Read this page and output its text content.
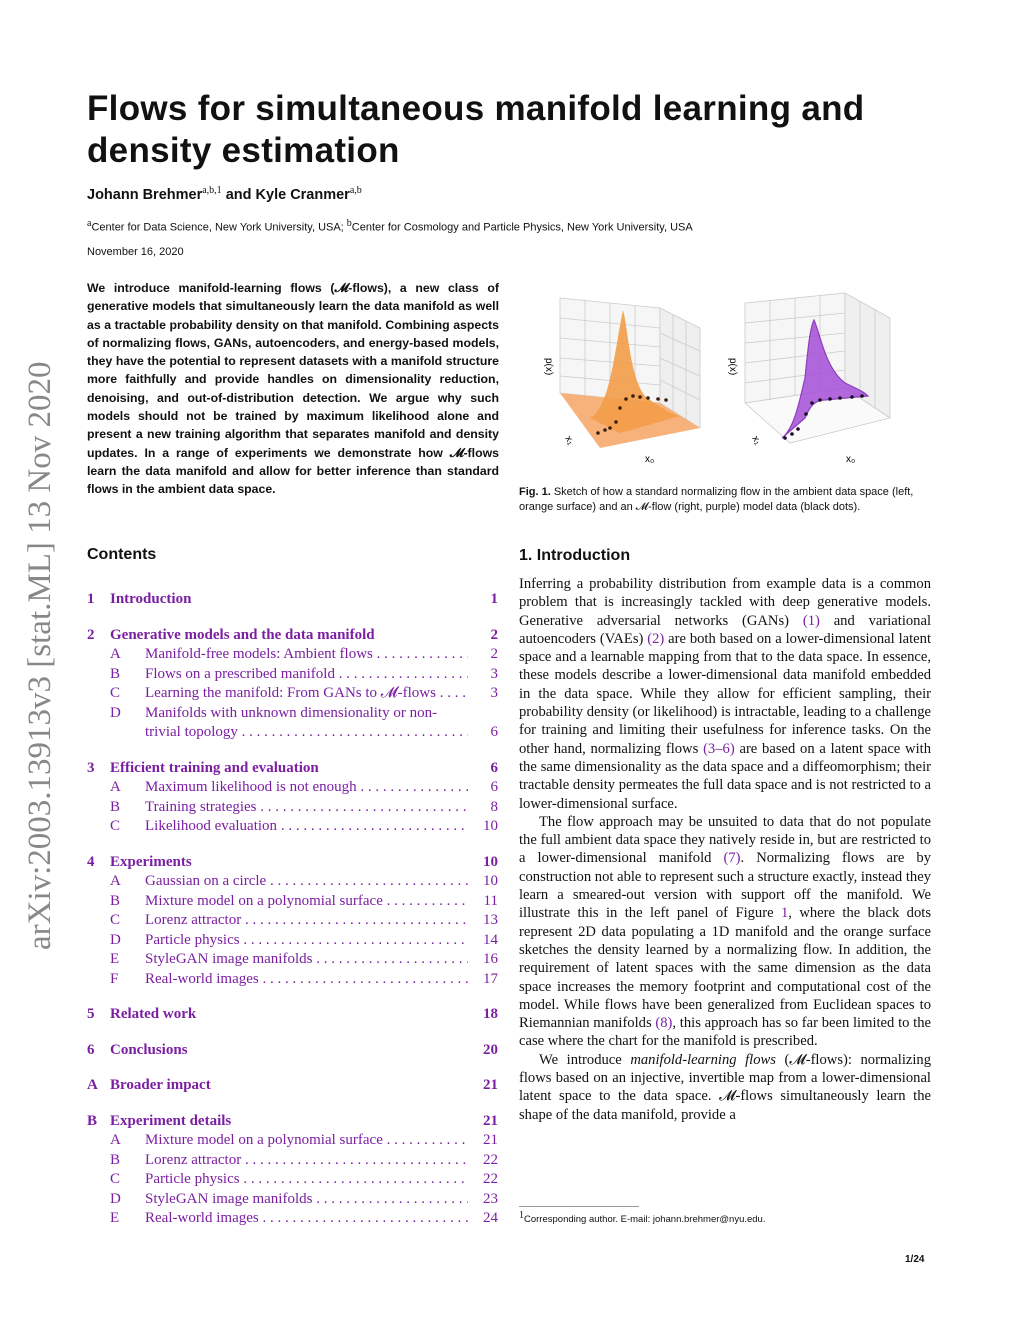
arXiv:2003.13913v3 [stat.ML] 13 Nov 2020
Flows for simultaneous manifold learning and density estimation
Johann Brehmer$^{a,b,1}$ and Kyle Cranmer$^{a,b}$
$^a$Center for Data Science, New York University, USA; $^b$Center for Cosmology and Particle Physics, New York University, USA
November 16, 2020
We introduce manifold-learning flows (𝓜-flows), a new class of generative models that simultaneously learn the data manifold as well as a tractable probability density on that manifold. Combining aspects of normalizing flows, GANs, autoencoders, and energy-based models, they have the potential to represent datasets with a manifold structure more faithfully and provide handles on dimensionality reduction, denoising, and out-of-distribution detection. We argue why such models should not be trained by maximum likelihood alone and present a new training algorithm that separates manifold and density updates. In a range of experiments we demonstrate how 𝓜-flows learn the data manifold and allow for better inference than standard flows in the ambient data space.
p(x)
x₁
x₀
p(x)
x₁
x₀
Fig. 1. Sketch of how a standard normalizing flow in the ambient data space (left, orange surface) and an 𝓜-flow (right, purple) model data (black dots).
Contents
1	Introduction	1
2	Generative models and the data manifold	2
A	Manifold-free models: Ambient flows . . .	2
B	Flows on a prescribed manifold . . .	3
C	Learning the manifold: From GANs to 𝓜-flows . . .	3
D	Manifolds with unknown dimensionality or non-
trivial topology . . .	6
3	Efficient training and evaluation	6
A	Maximum likelihood is not enough . . .	6
B	Training strategies . . .	8
C	Likelihood evaluation . . .	10
4	Experiments	10
A	Gaussian on a circle . . .	10
B	Mixture model on a polynomial surface . . .	11
C	Lorenz attractor . . .	13
D	Particle physics . . .	14
E	StyleGAN image manifolds . . .	16
F	Real-world images . . .	17
5	Related work	18
6	Conclusions	20
A Broader impact	21
B Experiment details	21
A	Mixture model on a polynomial surface . . .	21
B	Lorenz attractor . . .	22
C	Particle physics . . .	22
D	StyleGAN image manifolds . . .	23
E	Real-world images . . .	24
1. Introduction

Inferring a probability distribution from example data is a common problem that is increasingly tackled with deep generative models. Generative adversarial networks (GANs) (1) and variational autoencoders (VAEs) (2) are both based on a lower-dimensional latent space and a learnable mapping from that to the data space. In essence, these models describe a lower-dimensional data manifold embedded in the data space. While they allow for efficient sampling, their probability density (or likelihood) is intractable, leading to a challenge for training and limiting their usefulness for inference tasks. On the other hand, normalizing flows (3–6) are based on a latent space with the same dimensionality as the data space and a diffeomorphism; their tractable density permeates the full data space and is not restricted to a lower-dimensional surface.

The flow approach may be unsuited to data that do not populate the full ambient data space they natively reside in, but are restricted to a lower-dimensional manifold (7). Normalizing flows are by construction not able to represent such a structure exactly, instead they learn a smeared-out version with support off the manifold. We illustrate this in the left panel of Figure 1, where the black dots represent 2D data populating a 1D manifold and the orange surface sketches the density learned by a normalizing flow. In addition, the requirement of latent spaces with the same dimension as the data space increases the memory footprint and computational cost of the model. While flows have been generalized from Euclidean spaces to Riemannian manifolds (8), this approach has so far been limited to the case where the chart for the manifold is prescribed.

We introduce manifold-learning flows (𝓜-flows): normalizing flows based on an injective, invertible map from a lower-dimensional latent space to the data space. 𝓜-flows simultaneously learn the shape of the data manifold, provide a

$^1$Corresponding author. E-mail: johann.brehmer@nyu.edu.
1/24
